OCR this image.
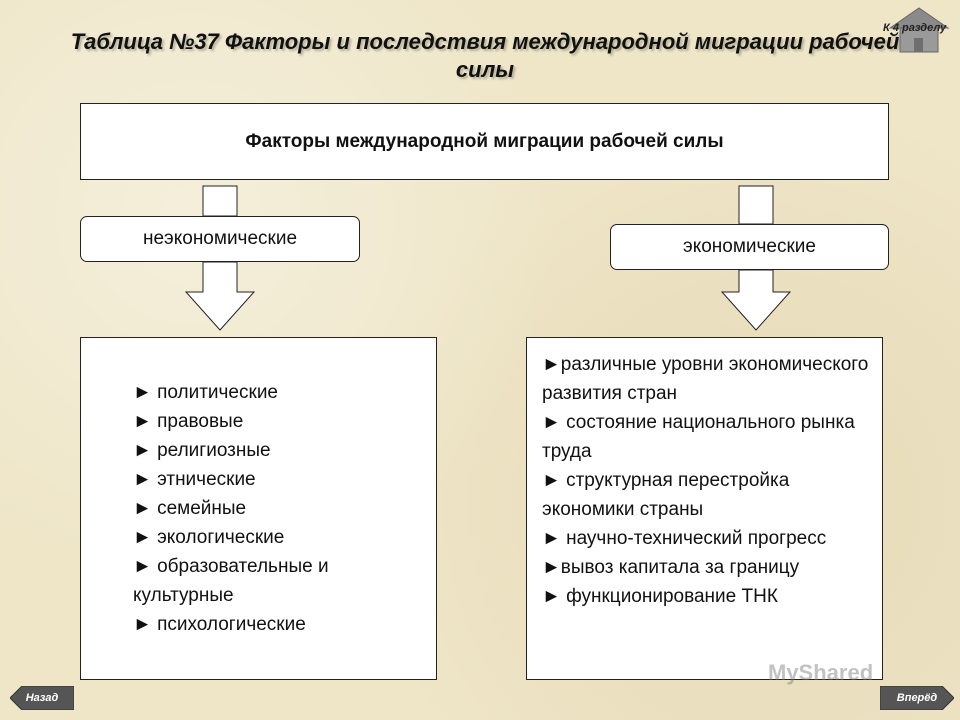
Таблица №37 Факторы и последствия международной миграции рабочей силы
К 4 разделу
Факторы международной миграции рабочей силы
неэкономические	экономические
► политические
► правовые
► религиозные
► этнические
► семейные
► экологические
► образовательные и культурные
► психологические
►различные уровни экономического развития стран
► состояние национального рынка труда
► структурная перестройка экономики страны
► научно-технический прогресс
►вывоз капитала за границу
► функционирование ТНК
MyShared
Назад	Вперёд
